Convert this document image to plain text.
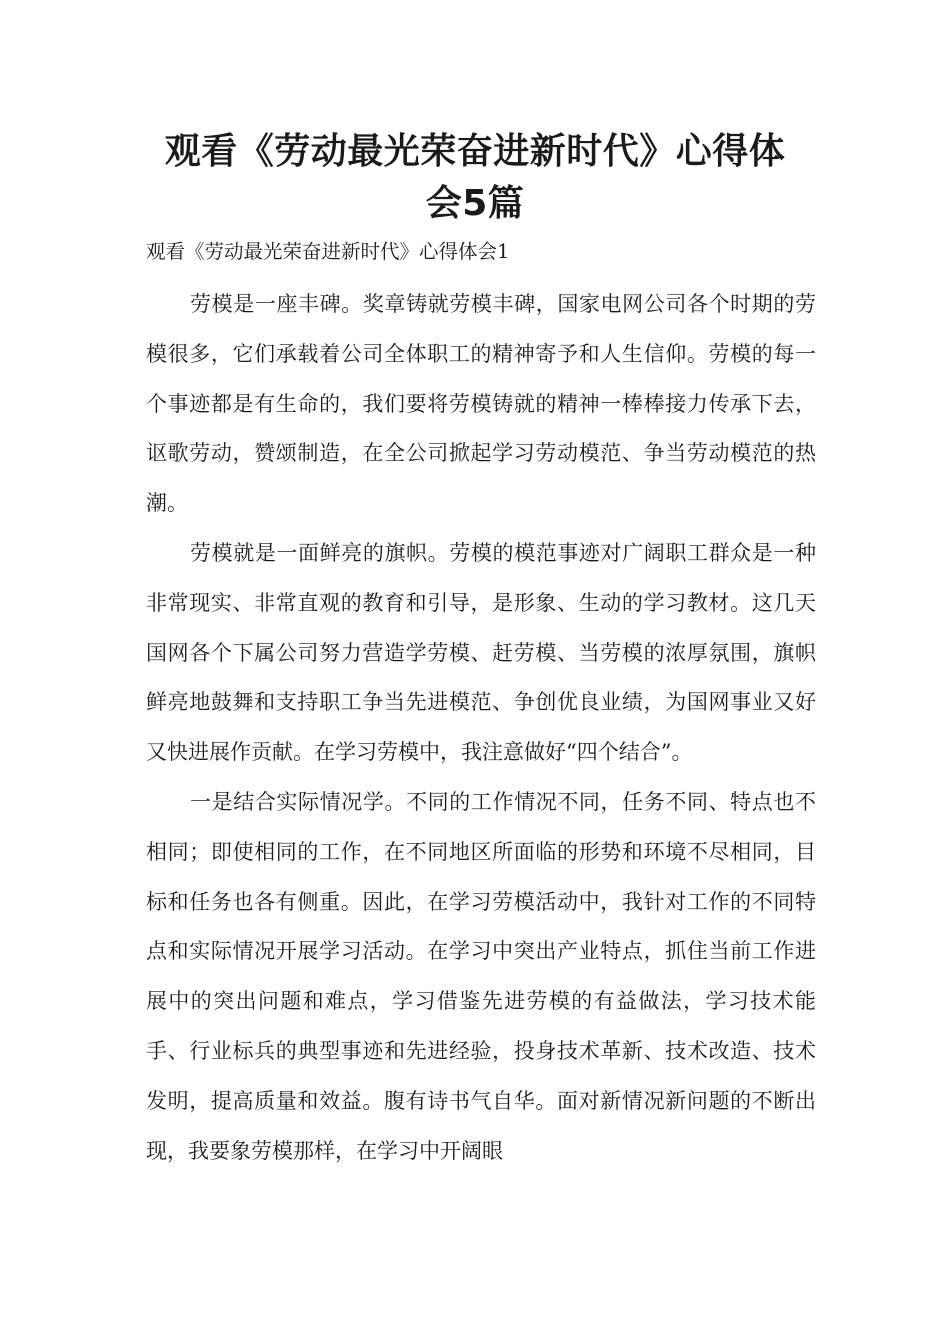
观看《劳动最光荣奋进新时代》心得体
会5篇
观看《劳动最光荣奋进新时代》心得体会1

劳模是一座丰碑。奖章铸就劳模丰碑，国家电网公司各个时期的劳模很多，它们承载着公司全体职工的精神寄予和人生信仰。劳模的每一个事迹都是有生命的，我们要将劳模铸就的精神一棒棒接力传承下去，讴歌劳动，赞颂制造，在全公司掀起学习劳动模范、争当劳动模范的热潮。

劳模就是一面鲜亮的旗帜。劳模的模范事迹对广阔职工群众是一种非常现实、非常直观的教育和引导，是形象、生动的学习教材。这几天国网各个下属公司努力营造学劳模、赶劳模、当劳模的浓厚氛围，旗帜鲜亮地鼓舞和支持职工争当先进模范、争创优良业绩，为国网事业又好又快进展作贡献。在学习劳模中，我注意做好“四个结合”。

一是结合实际情况学。不同的工作情况不同，任务不同、特点也不相同；即使相同的工作，在不同地区所面临的形势和环境不尽相同，目标和任务也各有侧重。因此，在学习劳模活动中，我针对工作的不同特点和实际情况开展学习活动。在学习中突出产业特点，抓住当前工作进展中的突出问题和难点，学习借鉴先进劳模的有益做法，学习技术能手、行业标兵的典型事迹和先进经验，投身技术革新、技术改造、技术发明，提高质量和效益。腹有诗书气自华。面对新情况新问题的不断出现，我要象劳模那样，在学习中开阔眼
